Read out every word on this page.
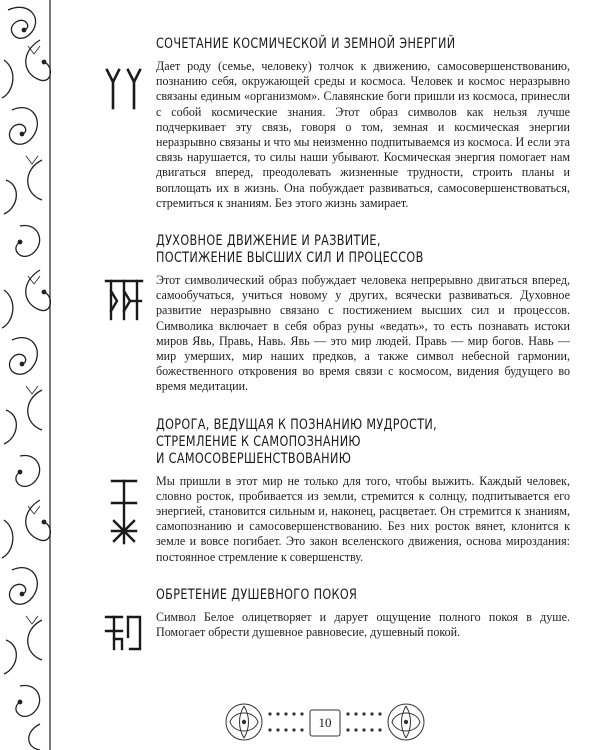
СОЧЕТАНИЕ КОСМИЧЕСКОЙ И ЗЕМНОЙ ЭНЕРГИЙ

Дает роду (семье, человеку) толчок к движению, самосовершенствованию, познанию себя, окружающей среды и космоса. Человек и космос неразрывно связаны единым «организмом». Славянские боги пришли из космоса, принесли с собой космические знания. Этот образ символов как нельзя лучше подчеркивает эту связь, говоря о том, земная и космическая энергии неразрывно связаны и что мы неизменно подпитываемся из космоса. И если эта связь нарушается, то силы наши убывают. Космическая энергия помогает нам двигаться вперед, преодолевать жизненные трудности, строить планы и воплощать их в жизнь. Она побуждает развиваться, самосовершенствоваться, стремиться к знаниям. Без этого жизнь замирает.

ДУХОВНОЕ ДВИЖЕНИЕ И РАЗВИТИЕ,
ПОСТИЖЕНИЕ ВЫСШИХ СИЛ И ПРОЦЕССОВ

Этот символический образ побуждает человека непрерывно двигаться вперед, самообучаться, учиться новому у других, всячески развиваться. Духовное развитие неразрывно связано с постижением высших сил и процессов. Символика включает в себя образ руны «ведать», то есть познавать истоки миров Явь, Правь, Навь. Явь — это мир людей. Правь — мир богов. Навь — мир умерших, мир наших предков, а также символ небесной гармонии, божественного откровения во время связи с космосом, видения будущего во время медитации.

ДОРОГА, ВЕДУЩАЯ К ПОЗНАНИЮ МУДРОСТИ,
СТРЕМЛЕНИЕ К САМОПОЗНАНИЮ
И САМОСОВЕРШЕНСТВОВАНИЮ

Мы пришли в этот мир не только для того, чтобы выжить. Каждый человек, словно росток, пробивается из земли, стремится к солнцу, подпитывается его энергией, становится сильным и, наконец, расцветает. Он стремится к знаниям, самопознанию и самосовершенствованию. Без них росток вянет, клонится к земле и вовсе погибает. Это закон вселенского движения, основа мироздания: постоянное стремление к совершенству.

ОБРЕТЕНИЕ ДУШЕВНОГО ПОКОЯ

Символ Белое олицетворяет и дарует ощущение полного покоя в душе. Помогает обрести душевное равновесие, душевный покой.

10
